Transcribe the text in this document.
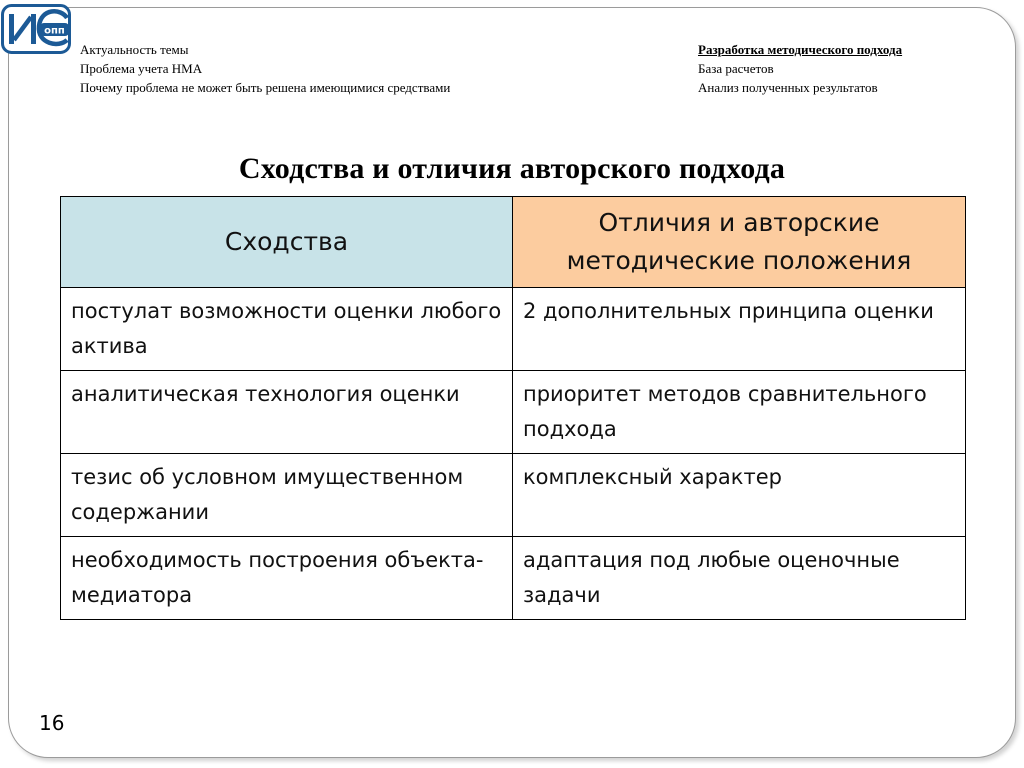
опп
Актуальность темы
Проблема учета НМА
Почему проблема не может быть решена имеющимися средствами
Разработка методического подхода
База расчетов
Анализ полученных результатов
Сходства и отличия авторского подхода
Сходства	Отличия и авторские методические положения
постулат возможности оценки любого актива	2 дополнительных принципа оценки
аналитическая технология оценки	приоритет методов сравнительного подхода
тезис об условном имущественном содержании	комплексный характер
необходимость построения объекта-медиатора	адаптация под любые оценочные задачи
16
